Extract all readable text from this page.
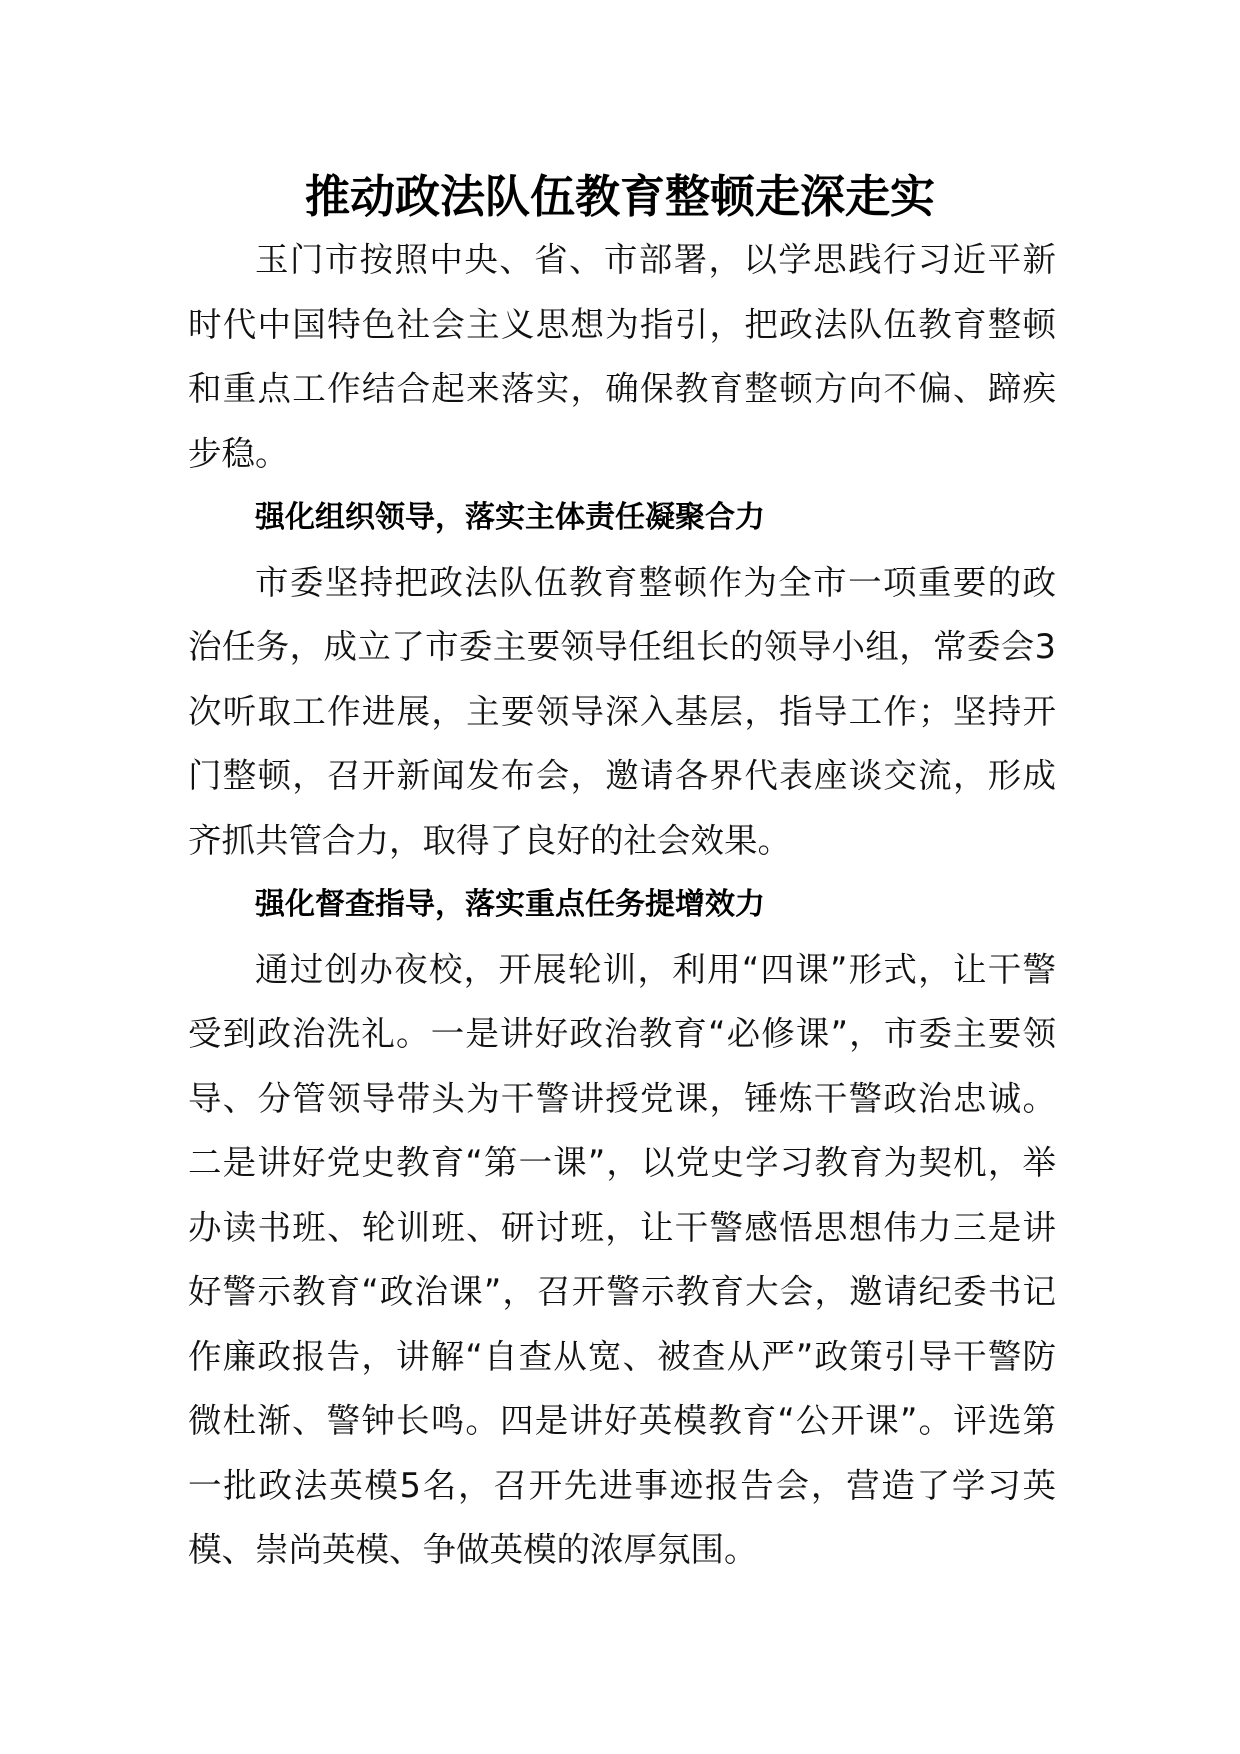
推动政法队伍教育整顿走深走实

玉门市按照中央、省、市部署，以学思践行习近平新时代中国特色社会主义思想为指引，把政法队伍教育整顿和重点工作结合起来落实，确保教育整顿方向不偏、蹄疾步稳。

强化组织领导，落实主体责任凝聚合力

市委坚持把政法队伍教育整顿作为全市一项重要的政治任务，成立了市委主要领导任组长的领导小组，常委会3次听取工作进展，主要领导深入基层，指导工作；坚持开门整顿，召开新闻发布会，邀请各界代表座谈交流，形成齐抓共管合力，取得了良好的社会效果。

强化督查指导，落实重点任务提增效力

通过创办夜校，开展轮训，利用“四课”形式，让干警受到政治洗礼。一是讲好政治教育“必修课”，市委主要领导、分管领导带头为干警讲授党课，锤炼干警政治忠诚。二是讲好党史教育“第一课”，以党史学习教育为契机，举办读书班、轮训班、研讨班，让干警感悟思想伟力三是讲好警示教育“政治课”，召开警示教育大会，邀请纪委书记作廉政报告，讲解“自查从宽、被查从严”政策引导干警防微杜渐、警钟长鸣。四是讲好英模教育“公开课”。评选第一批政法英模5名，召开先进事迹报告会，营造了学习英模、崇尚英模、争做英模的浓厚氛围。
